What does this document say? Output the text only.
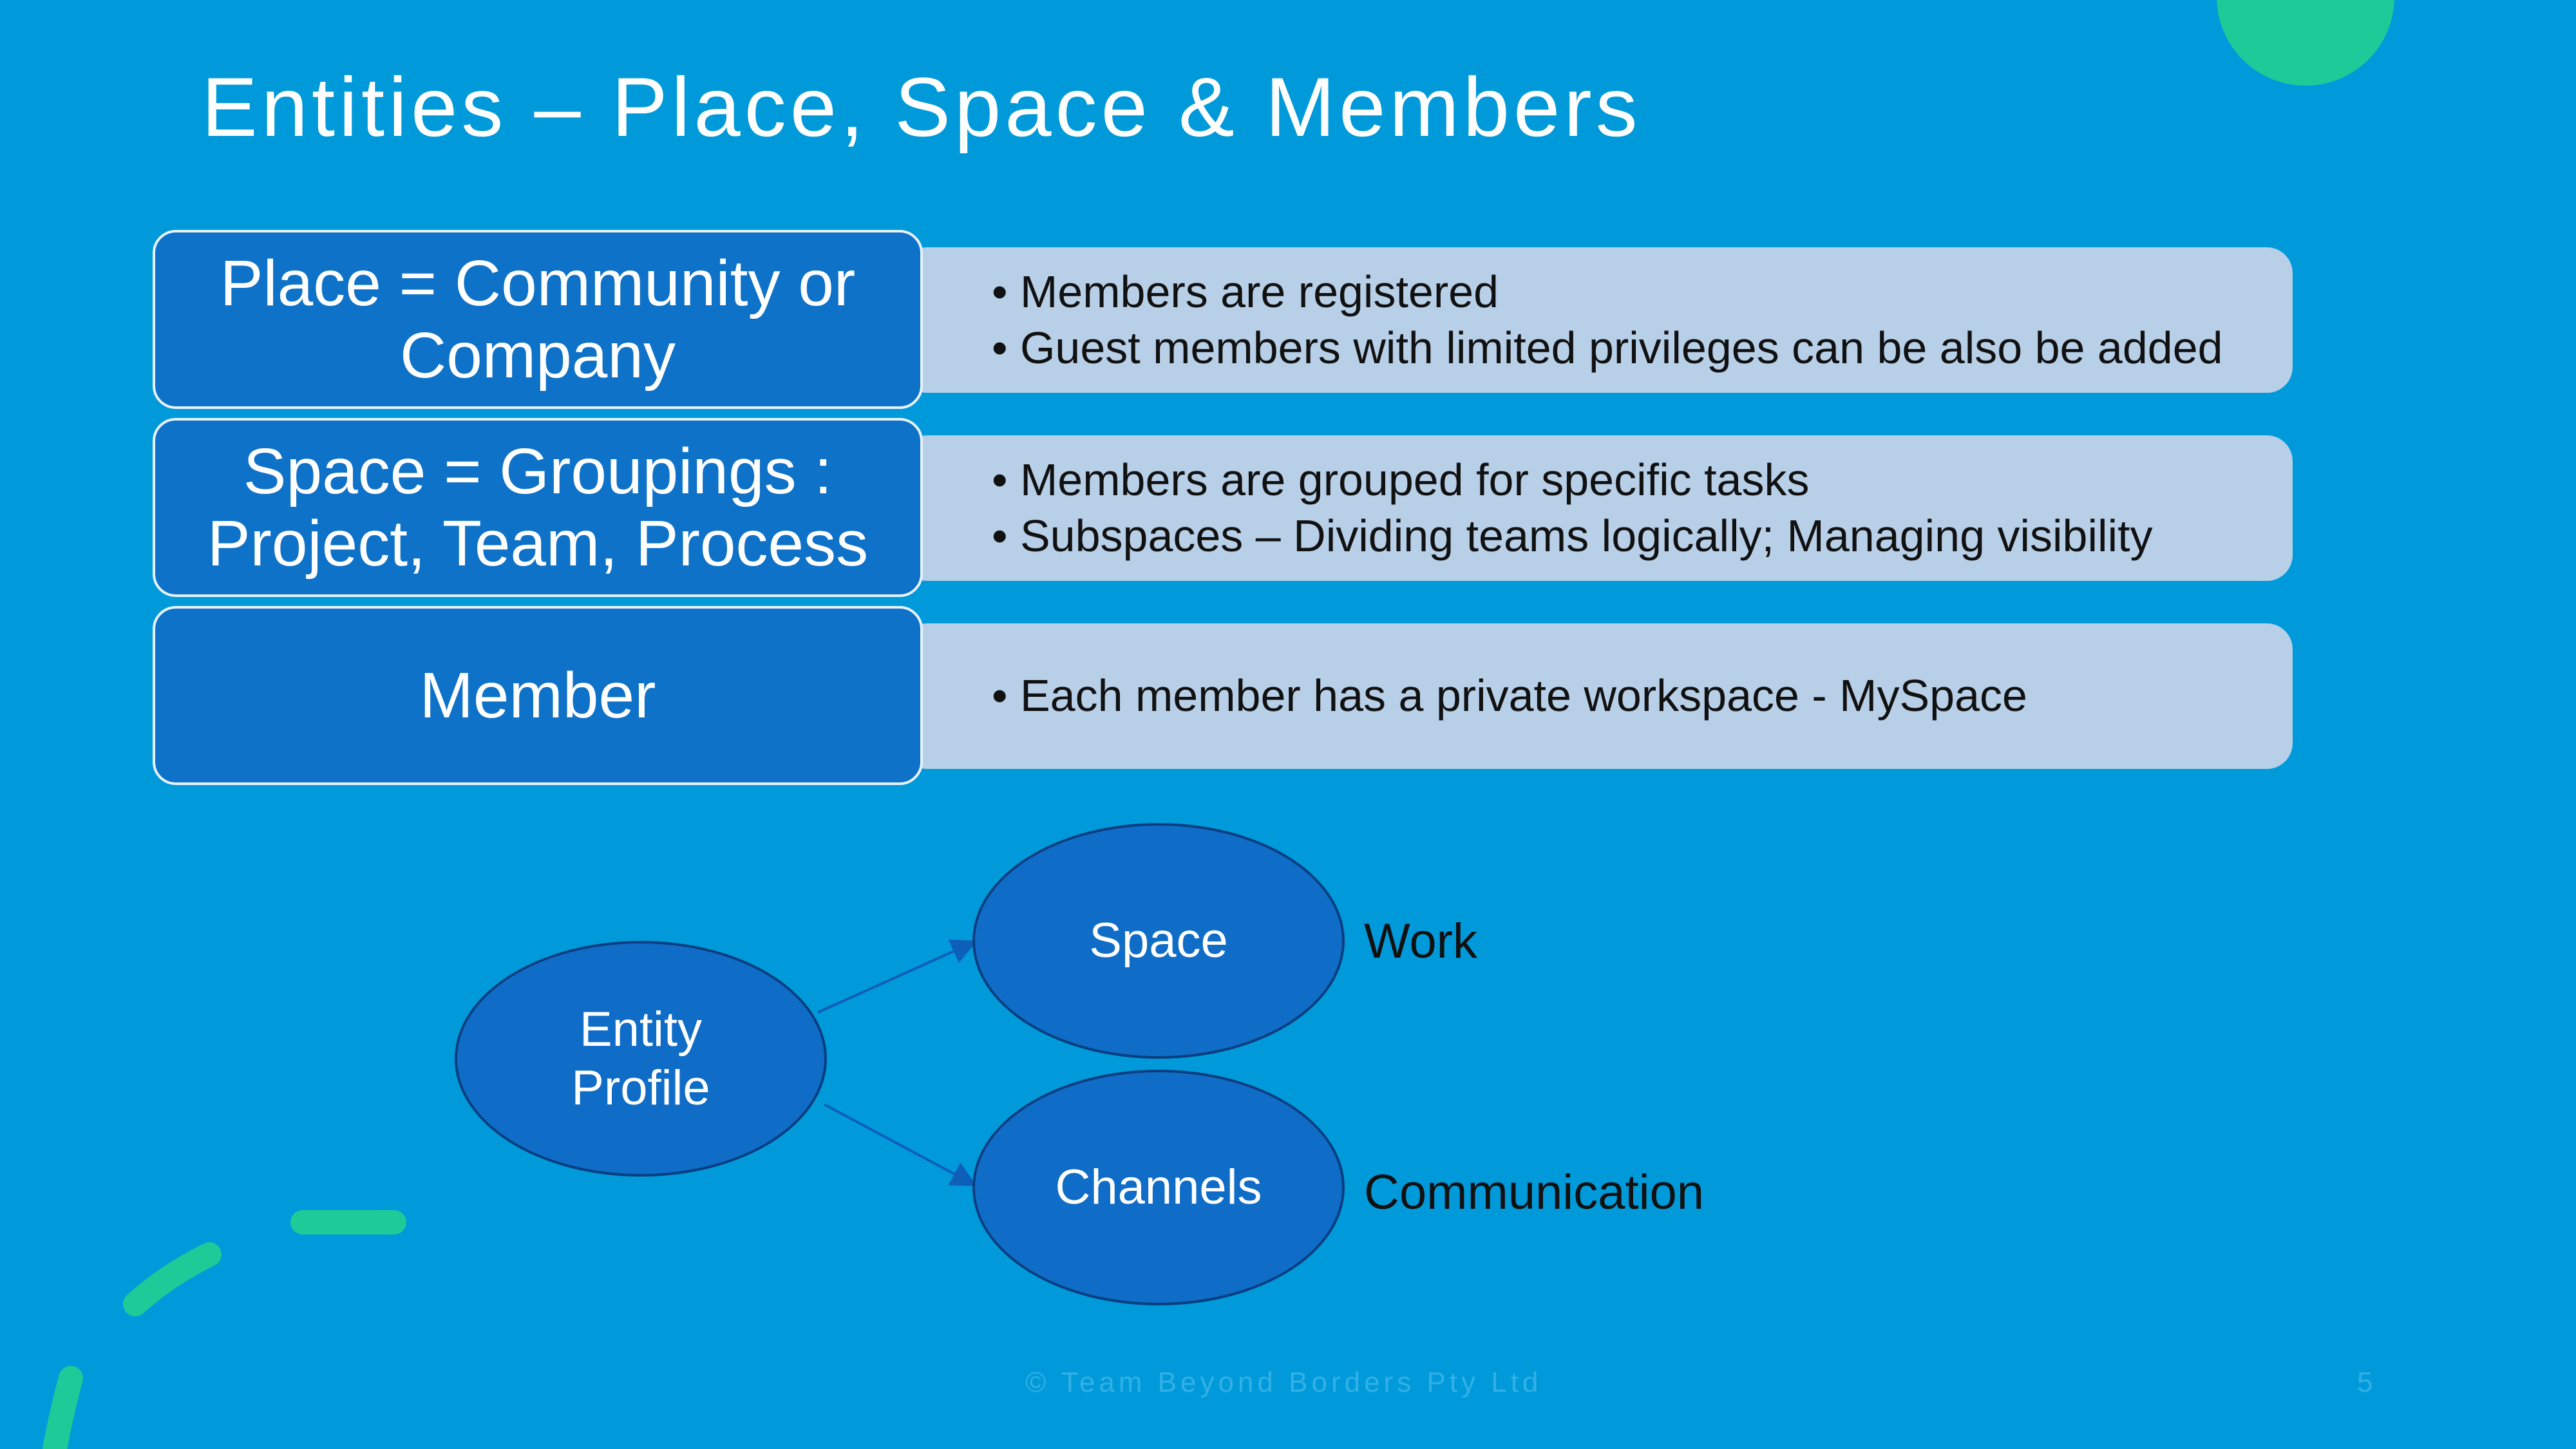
Entities – Place, Space & Members
• Members are registered
• Guest members with limited privileges can be also be added
Place = Community or Company
• Members are grouped for specific tasks
• Subspaces – Dividing teams logically; Managing visibility
Space = Groupings : Project, Team, Process
• Each member has a private workspace - MySpace
Member
Entity Profile
Space
Channels
Work
Communication
© Team Beyond Borders Pty Ltd	5
